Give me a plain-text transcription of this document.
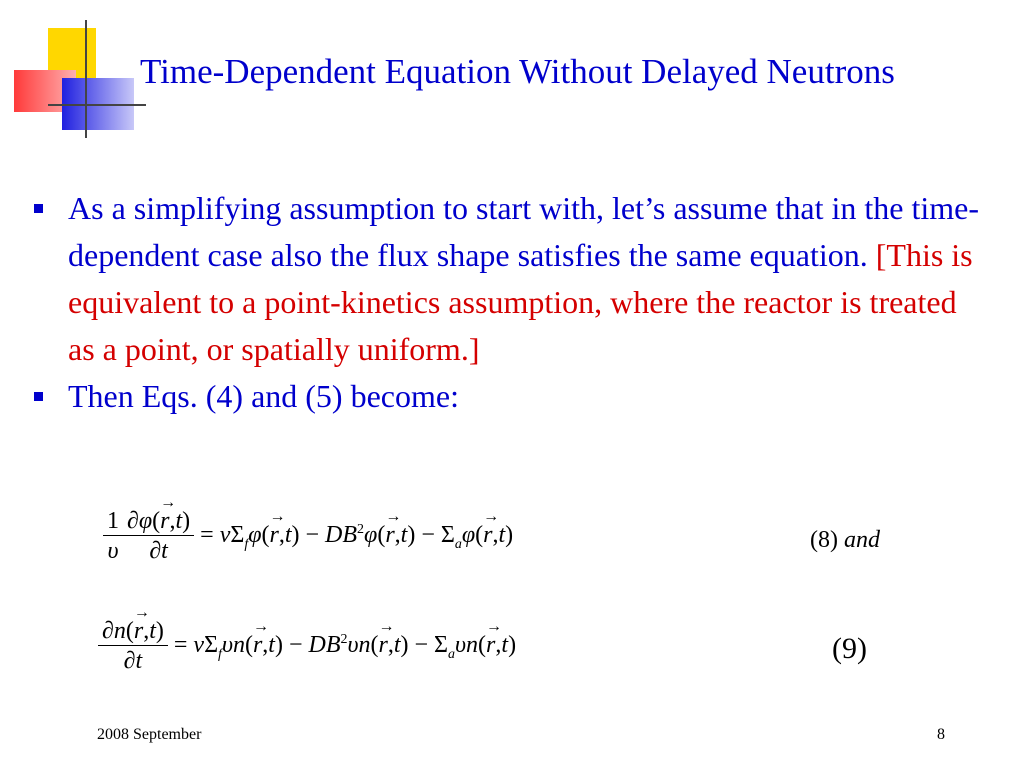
Time-Dependent Equation Without Delayed Neutrons
As a simplifying assumption to start with, let’s assume that in the time-dependent case also the flux shape satisfies the same equation. [This is equivalent to a point-kinetics assumption, where the reactor is treated as a point, or spatially uniform.]
Then Eqs. (4) and (5) become:
$\frac{1}{\upsilon} \frac{\partial\varphi(\to r,t)}{\partial t} = \nu\Sigma_f\varphi(\to r,t) - DB^2\varphi(\to r,t) - \Sigma_a\varphi(\to r,t)$	(8) and
$\frac{\partial n(\to r,t)}{\partial t} = \nu\Sigma_f\upsilon n(\to r,t) - DB^2\upsilon n(\to r,t) - \Sigma_a\upsilon n(\to r,t)$	(9)
2008 September	8
